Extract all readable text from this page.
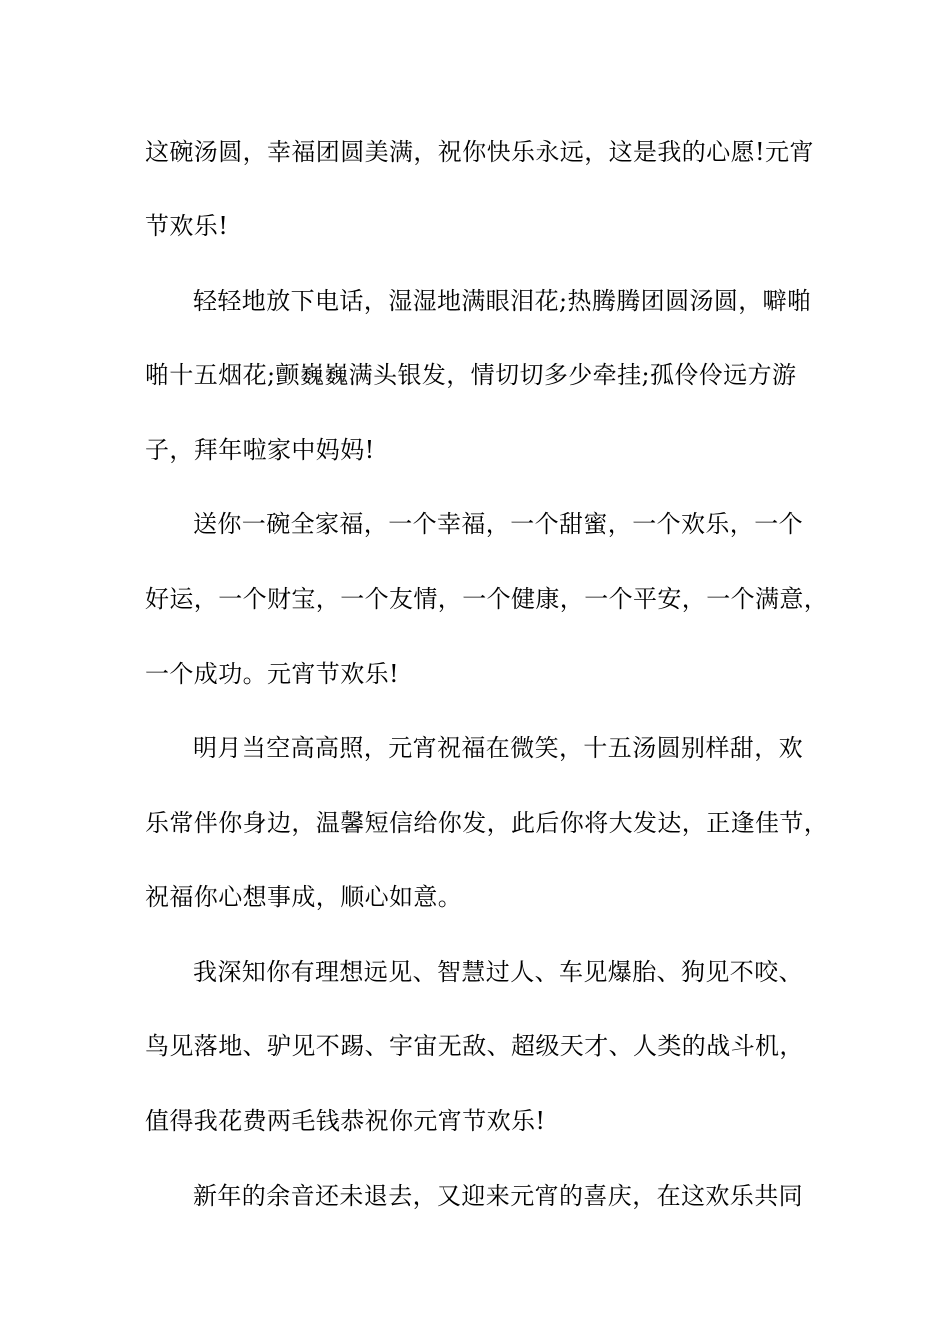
这碗汤圆，幸福团圆美满，祝你快乐永远，这是我的心愿!元宵
节欢乐!
轻轻地放下电话，湿湿地满眼泪花;热腾腾团圆汤圆，噼啪
啪十五烟花;颤巍巍满头银发，情切切多少牵挂;孤伶伶远方游
子，拜年啦家中妈妈!
送你一碗全家福，一个幸福，一个甜蜜，一个欢乐，一个
好运，一个财宝，一个友情，一个健康，一个平安，一个满意，
一个成功。元宵节欢乐!
明月当空高高照，元宵祝福在微笑，十五汤圆别样甜，欢
乐常伴你身边，温馨短信给你发，此后你将大发达，正逢佳节，
祝福你心想事成，顺心如意。
我深知你有理想远见、智慧过人、车见爆胎、狗见不咬、
鸟见落地、驴见不踢、宇宙无敌、超级天才、人类的战斗机，
值得我花费两毛钱恭祝你元宵节欢乐!
新年的余音还未退去，又迎来元宵的喜庆，在这欢乐共同
